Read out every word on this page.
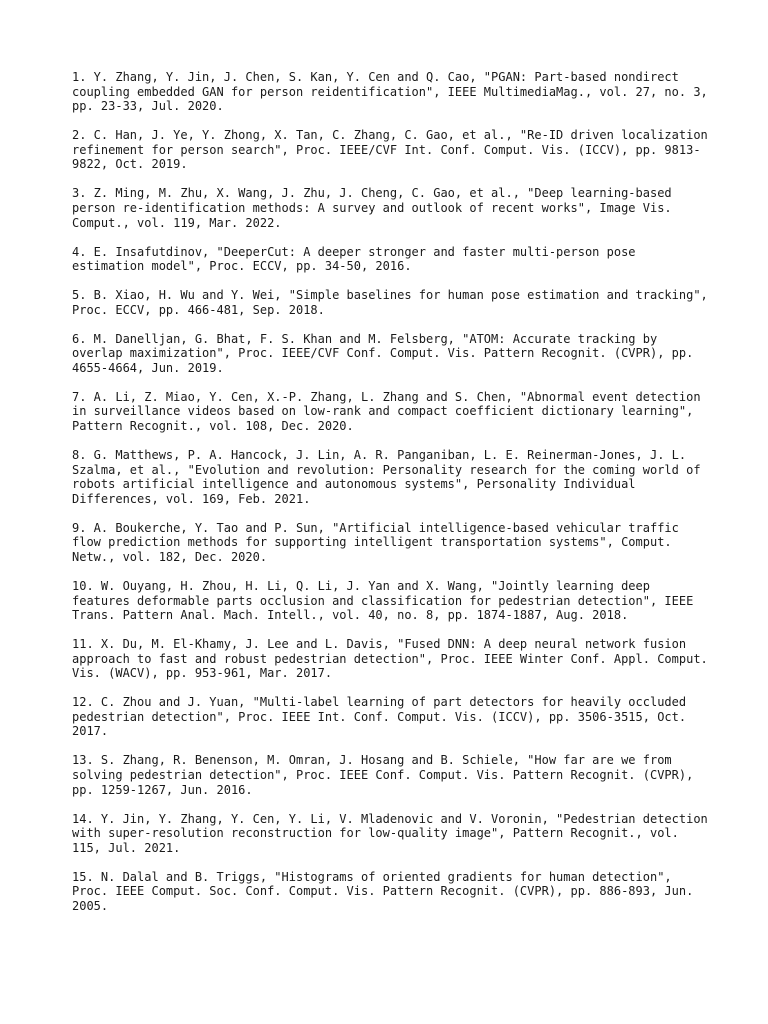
1. Y. Zhang, Y. Jin, J. Chen, S. Kan, Y. Cen and Q. Cao, "PGAN: Part-based nondirect coupling embedded GAN for person reidentification", IEEE MultimediaMag., vol. 27, no. 3, pp. 23-33, Jul. 2020.

2. C. Han, J. Ye, Y. Zhong, X. Tan, C. Zhang, C. Gao, et al., "Re-ID driven localization refinement for person search", Proc. IEEE/CVF Int. Conf. Comput. Vis. (ICCV), pp. 9813-9822, Oct. 2019.

3. Z. Ming, M. Zhu, X. Wang, J. Zhu, J. Cheng, C. Gao, et al., "Deep learning-based person re-identification methods: A survey and outlook of recent works", Image Vis. Comput., vol. 119, Mar. 2022.

4. E. Insafutdinov, "DeeperCut: A deeper stronger and faster multi-person pose estimation model", Proc. ECCV, pp. 34-50, 2016.

5. B. Xiao, H. Wu and Y. Wei, "Simple baselines for human pose estimation and tracking", Proc. ECCV, pp. 466-481, Sep. 2018.

6. M. Danelljan, G. Bhat, F. S. Khan and M. Felsberg, "ATOM: Accurate tracking by overlap maximization", Proc. IEEE/CVF Conf. Comput. Vis. Pattern Recognit. (CVPR), pp. 4655-4664, Jun. 2019.

7. A. Li, Z. Miao, Y. Cen, X.-P. Zhang, L. Zhang and S. Chen, "Abnormal event detection in surveillance videos based on low-rank and compact coefficient dictionary learning", Pattern Recognit., vol. 108, Dec. 2020.

8. G. Matthews, P. A. Hancock, J. Lin, A. R. Panganiban, L. E. Reinerman-Jones, J. L. Szalma, et al., "Evolution and revolution: Personality research for the coming world of robots artificial intelligence and autonomous systems", Personality Individual Differences, vol. 169, Feb. 2021.

9. A. Boukerche, Y. Tao and P. Sun, "Artificial intelligence-based vehicular traffic flow prediction methods for supporting intelligent transportation systems", Comput. Netw., vol. 182, Dec. 2020.

10. W. Ouyang, H. Zhou, H. Li, Q. Li, J. Yan and X. Wang, "Jointly learning deep features deformable parts occlusion and classification for pedestrian detection", IEEE Trans. Pattern Anal. Mach. Intell., vol. 40, no. 8, pp. 1874-1887, Aug. 2018.

11. X. Du, M. El-Khamy, J. Lee and L. Davis, "Fused DNN: A deep neural network fusion approach to fast and robust pedestrian detection", Proc. IEEE Winter Conf. Appl. Comput. Vis. (WACV), pp. 953-961, Mar. 2017.

12. C. Zhou and J. Yuan, "Multi-label learning of part detectors for heavily occluded pedestrian detection", Proc. IEEE Int. Conf. Comput. Vis. (ICCV), pp. 3506-3515, Oct. 2017.

13. S. Zhang, R. Benenson, M. Omran, J. Hosang and B. Schiele, "How far are we from solving pedestrian detection", Proc. IEEE Conf. Comput. Vis. Pattern Recognit. (CVPR), pp. 1259-1267, Jun. 2016.

14. Y. Jin, Y. Zhang, Y. Cen, Y. Li, V. Mladenovic and V. Voronin, "Pedestrian detection with super-resolution reconstruction for low-quality image", Pattern Recognit., vol. 115, Jul. 2021.

15. N. Dalal and B. Triggs, "Histograms of oriented gradients for human detection", Proc. IEEE Comput. Soc. Conf. Comput. Vis. Pattern Recognit. (CVPR), pp. 886-893, Jun. 2005.
